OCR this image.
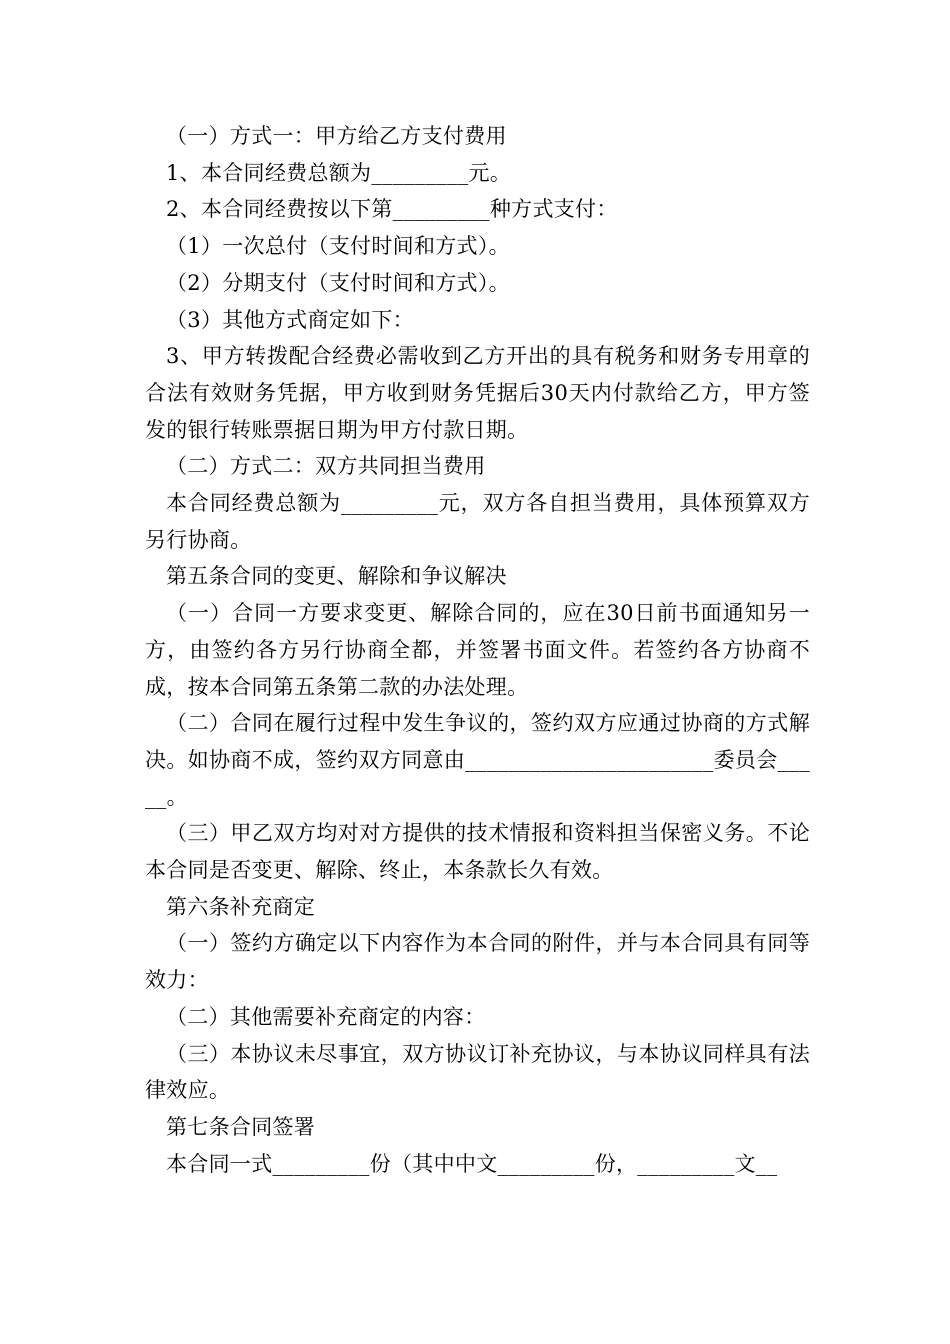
（一）方式一：甲方给乙方支付费用

1、本合同经费总额为_________元。

2、本合同经费按以下第_________种方式支付：

（1）一次总付（支付时间和方式）。

（2）分期支付（支付时间和方式）。

（3）其他方式商定如下：

3、甲方转拨配合经费必需收到乙方开出的具有税务和财务专用章的合法有效财务凭据，甲方收到财务凭据后30天内付款给乙方，甲方签发的银行转账票据日期为甲方付款日期。

（二）方式二：双方共同担当费用

本合同经费总额为_________元，双方各自担当费用，具体预算双方另行协商。

第五条合同的变更、解除和争议解决

（一）合同一方要求变更、解除合同的，应在30日前书面通知另一方，由签约各方另行协商全都，并签署书面文件。若签约各方协商不成，按本合同第五条第二款的办法处理。

（二）合同在履行过程中发生争议的，签约双方应通过协商的方式解决。如协商不成，签约双方同意由_______________________委员会_____。

（三）甲乙双方均对对方提供的技术情报和资料担当保密义务。不论本合同是否变更、解除、终止，本条款长久有效。

第六条补充商定

（一）签约方确定以下内容作为本合同的附件，并与本合同具有同等效力：

（二）其他需要补充商定的内容：

（三）本协议未尽事宜，双方协议订补充协议，与本协议同样具有法律效应。

第七条合同签署

本合同一式_________份（其中中文_________份，_________文__
